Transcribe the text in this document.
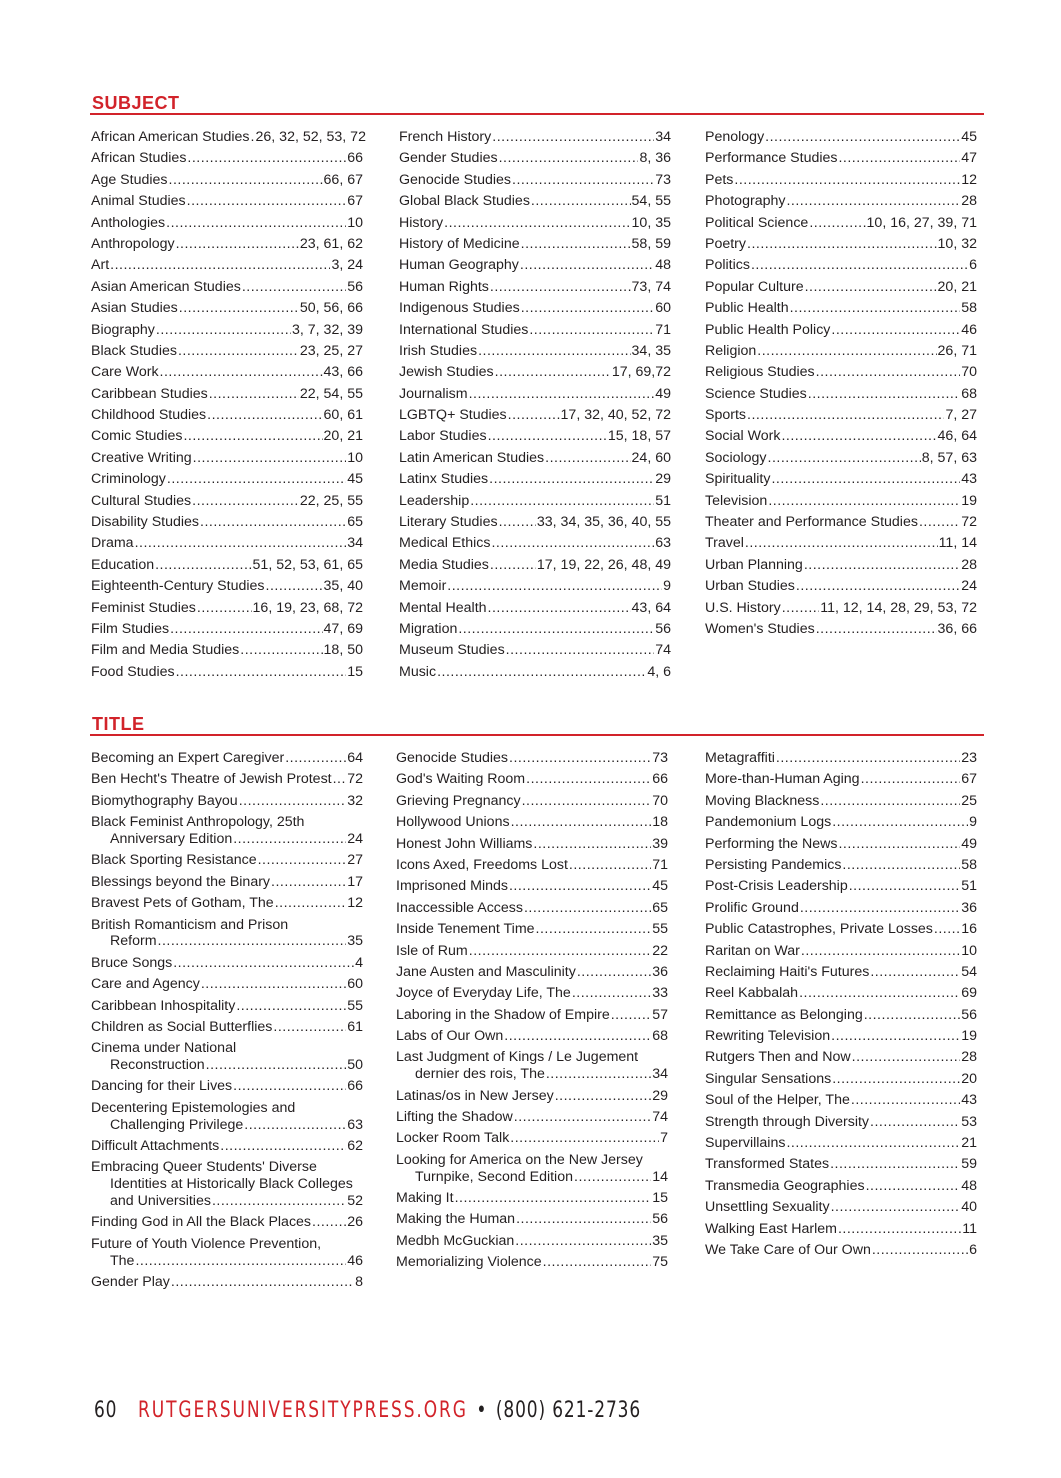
SUBJECT
African American Studies ..... 26, 32, 52, 53, 72
African Studies .....	66
Age Studies .....	66, 67
Animal Studies .....	67
Anthologies .....	10
Anthropology .....	23, 61, 62
Art .....	3, 24
Asian American Studies .....	56
Asian Studies .....	50, 56, 66
Biography .....	3, 7, 32, 39
Black Studies .....	23, 25, 27
Care Work .....	43, 66
Caribbean Studies .....	22, 54, 55
Childhood Studies .....	60, 61
Comic Studies .....	20, 21
Creative Writing .....	10
Criminology .....	45
Cultural Studies .....	22, 25, 55
Disability Studies .....	65
Drama .....	34
Education .....	51, 52, 53, 61, 65
Eighteenth-Century Studies .....	35, 40
Feminist Studies .....	16, 19, 23, 68, 72
Film Studies .....	47, 69
Film and Media Studies .....	18, 50
Food Studies .....	15
French History .....	34
Gender Studies .....	8, 36
Genocide Studies .....	73
Global Black Studies .....	54, 55
History .....	10, 35
History of Medicine .....	58, 59
Human Geography .....	48
Human Rights .....	73, 74
Indigenous Studies .....	60
International Studies .....	71
Irish Studies .....	34, 35
Jewish Studies .....	17, 69,72
Journalism .....	49
LGBTQ+ Studies .....	17, 32, 40, 52, 72
Labor Studies .....	15, 18, 57
Latin American Studies .....	24, 60
Latinx Studies .....	29
Leadership .....	51
Literary Studies .....	33, 34, 35, 36, 40, 55
Medical Ethics .....	63
Media Studies .....	17, 19, 22, 26, 48, 49
Memoir .....	9
Mental Health .....	43, 64
Migration .....	56
Museum Studies .....	74
Music .....	4, 6
Penology .....	45
Performance Studies .....	47
Pets .....	12
Photography .....	28
Political Science .....	10, 16, 27, 39, 71
Poetry .....	10, 32
Politics .....	6
Popular Culture .....	20, 21
Public Health .....	58
Public Health Policy .....	46
Religion .....	26, 71
Religious Studies .....	70
Science Studies .....	68
Sports .....	7, 27
Social Work .....	46, 64
Sociology .....	8, 57, 63
Spirituality .....	43
Television .....	19
Theater and Performance Studies .....	72
Travel .....	11, 14
Urban Planning .....	28
Urban Studies .....	24
U.S. History .....	11, 12, 14, 28, 29, 53, 72
Women's Studies .....	36, 66
TITLE
Becoming an Expert Caregiver .....	64
Ben Hecht's Theatre of Jewish Protest ..... 72
Biomythography Bayou .....	32
Black Feminist Anthropology, 25th
Anniversary Edition .....	24
Black Sporting Resistance .....	27
Blessings beyond the Binary .....	17
Bravest Pets of Gotham, The .....	12
British Romanticism and Prison
Reform .....	35
Bruce Songs .....	4
Care and Agency .....	60
Caribbean Inhospitality .....	55
Children as Social Butterflies .....	61
Cinema under National
Reconstruction .....	50
Dancing for their Lives .....	66
Decentering Epistemologies and
Challenging Privilege .....	63
Difficult Attachments .....	62
Embracing Queer Students' Diverse
Identities at Historically Black Colleges
and Universities .....	52
Finding God in All the Black Places .....	26
Future of Youth Violence Prevention,
The .....	46
Gender Play .....	8
Genocide Studies .....	73
God's Waiting Room .....	66
Grieving Pregnancy .....	70
Hollywood Unions .....	18
Honest John Williams .....	39
Icons Axed, Freedoms Lost .....	71
Imprisoned Minds .....	45
Inaccessible Access .....	65
Inside Tenement Time .....	55
Isle of Rum .....	22
Jane Austen and Masculinity .....	36
Joyce of Everyday Life, The .....	33
Laboring in the Shadow of Empire .....	57
Labs of Our Own .....	68
Last Judgment of Kings / Le Jugement
dernier des rois, The .....	34
Latinas/os in New Jersey .....	29
Lifting the Shadow .....	74
Locker Room Talk .....	7
Looking for America on the New Jersey
Turnpike, Second Edition .....	14
Making It .....	15
Making the Human .....	56
Medbh McGuckian .....	35
Memorializing Violence .....	75
Metagraffiti .....	23
More-than-Human Aging .....	67
Moving Blackness .....	25
Pandemonium Logs .....	9
Performing the News .....	49
Persisting Pandemics .....	58
Post-Crisis Leadership .....	51
Prolific Ground .....	36
Public Catastrophes, Private Losses ..... 16
Raritan on War .....	10
Reclaiming Haiti's Futures .....	54
Reel Kabbalah .....	69
Remittance as Belonging .....	56
Rewriting Television .....	19
Rutgers Then and Now .....	28
Singular Sensations .....	20
Soul of the Helper, The .....	43
Strength through Diversity .....	53
Supervillains .....	21
Transformed States .....	59
Transmedia Geographies .....	48
Unsettling Sexuality .....	40
Walking East Harlem .....	11
We Take Care of Our Own .....	6
60 RUTGERSUNIVERSITYPRESS.ORG • (800) 621-2736
